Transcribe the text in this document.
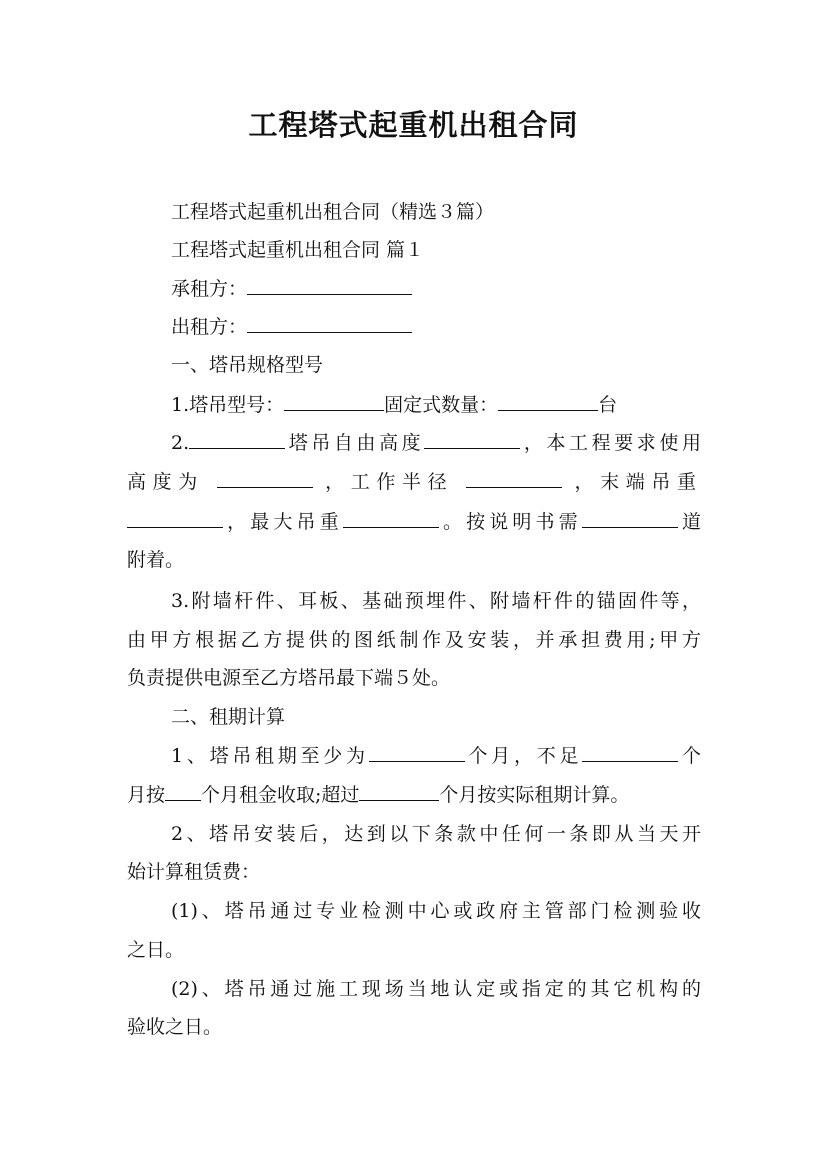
工程塔式起重机出租合同
工程塔式起重机出租合同（精选３篇）
工程塔式起重机出租合同 篇１
承租方：
出租方：
一、塔吊规格型号
1.塔吊型号：	固定式数量：	台
2.	塔吊自由高度	，本工程要求使用
高度为	，工作半径	，末端吊重
，最大吊重	。按说明书需	道
附着。
3.附墙杆件、耳板、基础预埋件、附墙杆件的锚固件等，
由甲方根据乙方提供的图纸制作及安装，并承担费用;甲方
负责提供电源至乙方塔吊最下端５处。
二、租期计算
1、塔吊租期至少为	个月，不足	个
月按 个月租金收取;超过	个月按实际租期计算。
2、塔吊安装后，达到以下条款中任何一条即从当天开
始计算租赁费：
(1)、塔吊通过专业检测中心或政府主管部门检测验收
之日。
(2)、塔吊通过施工现场当地认定或指定的其它机构的
验收之日。
